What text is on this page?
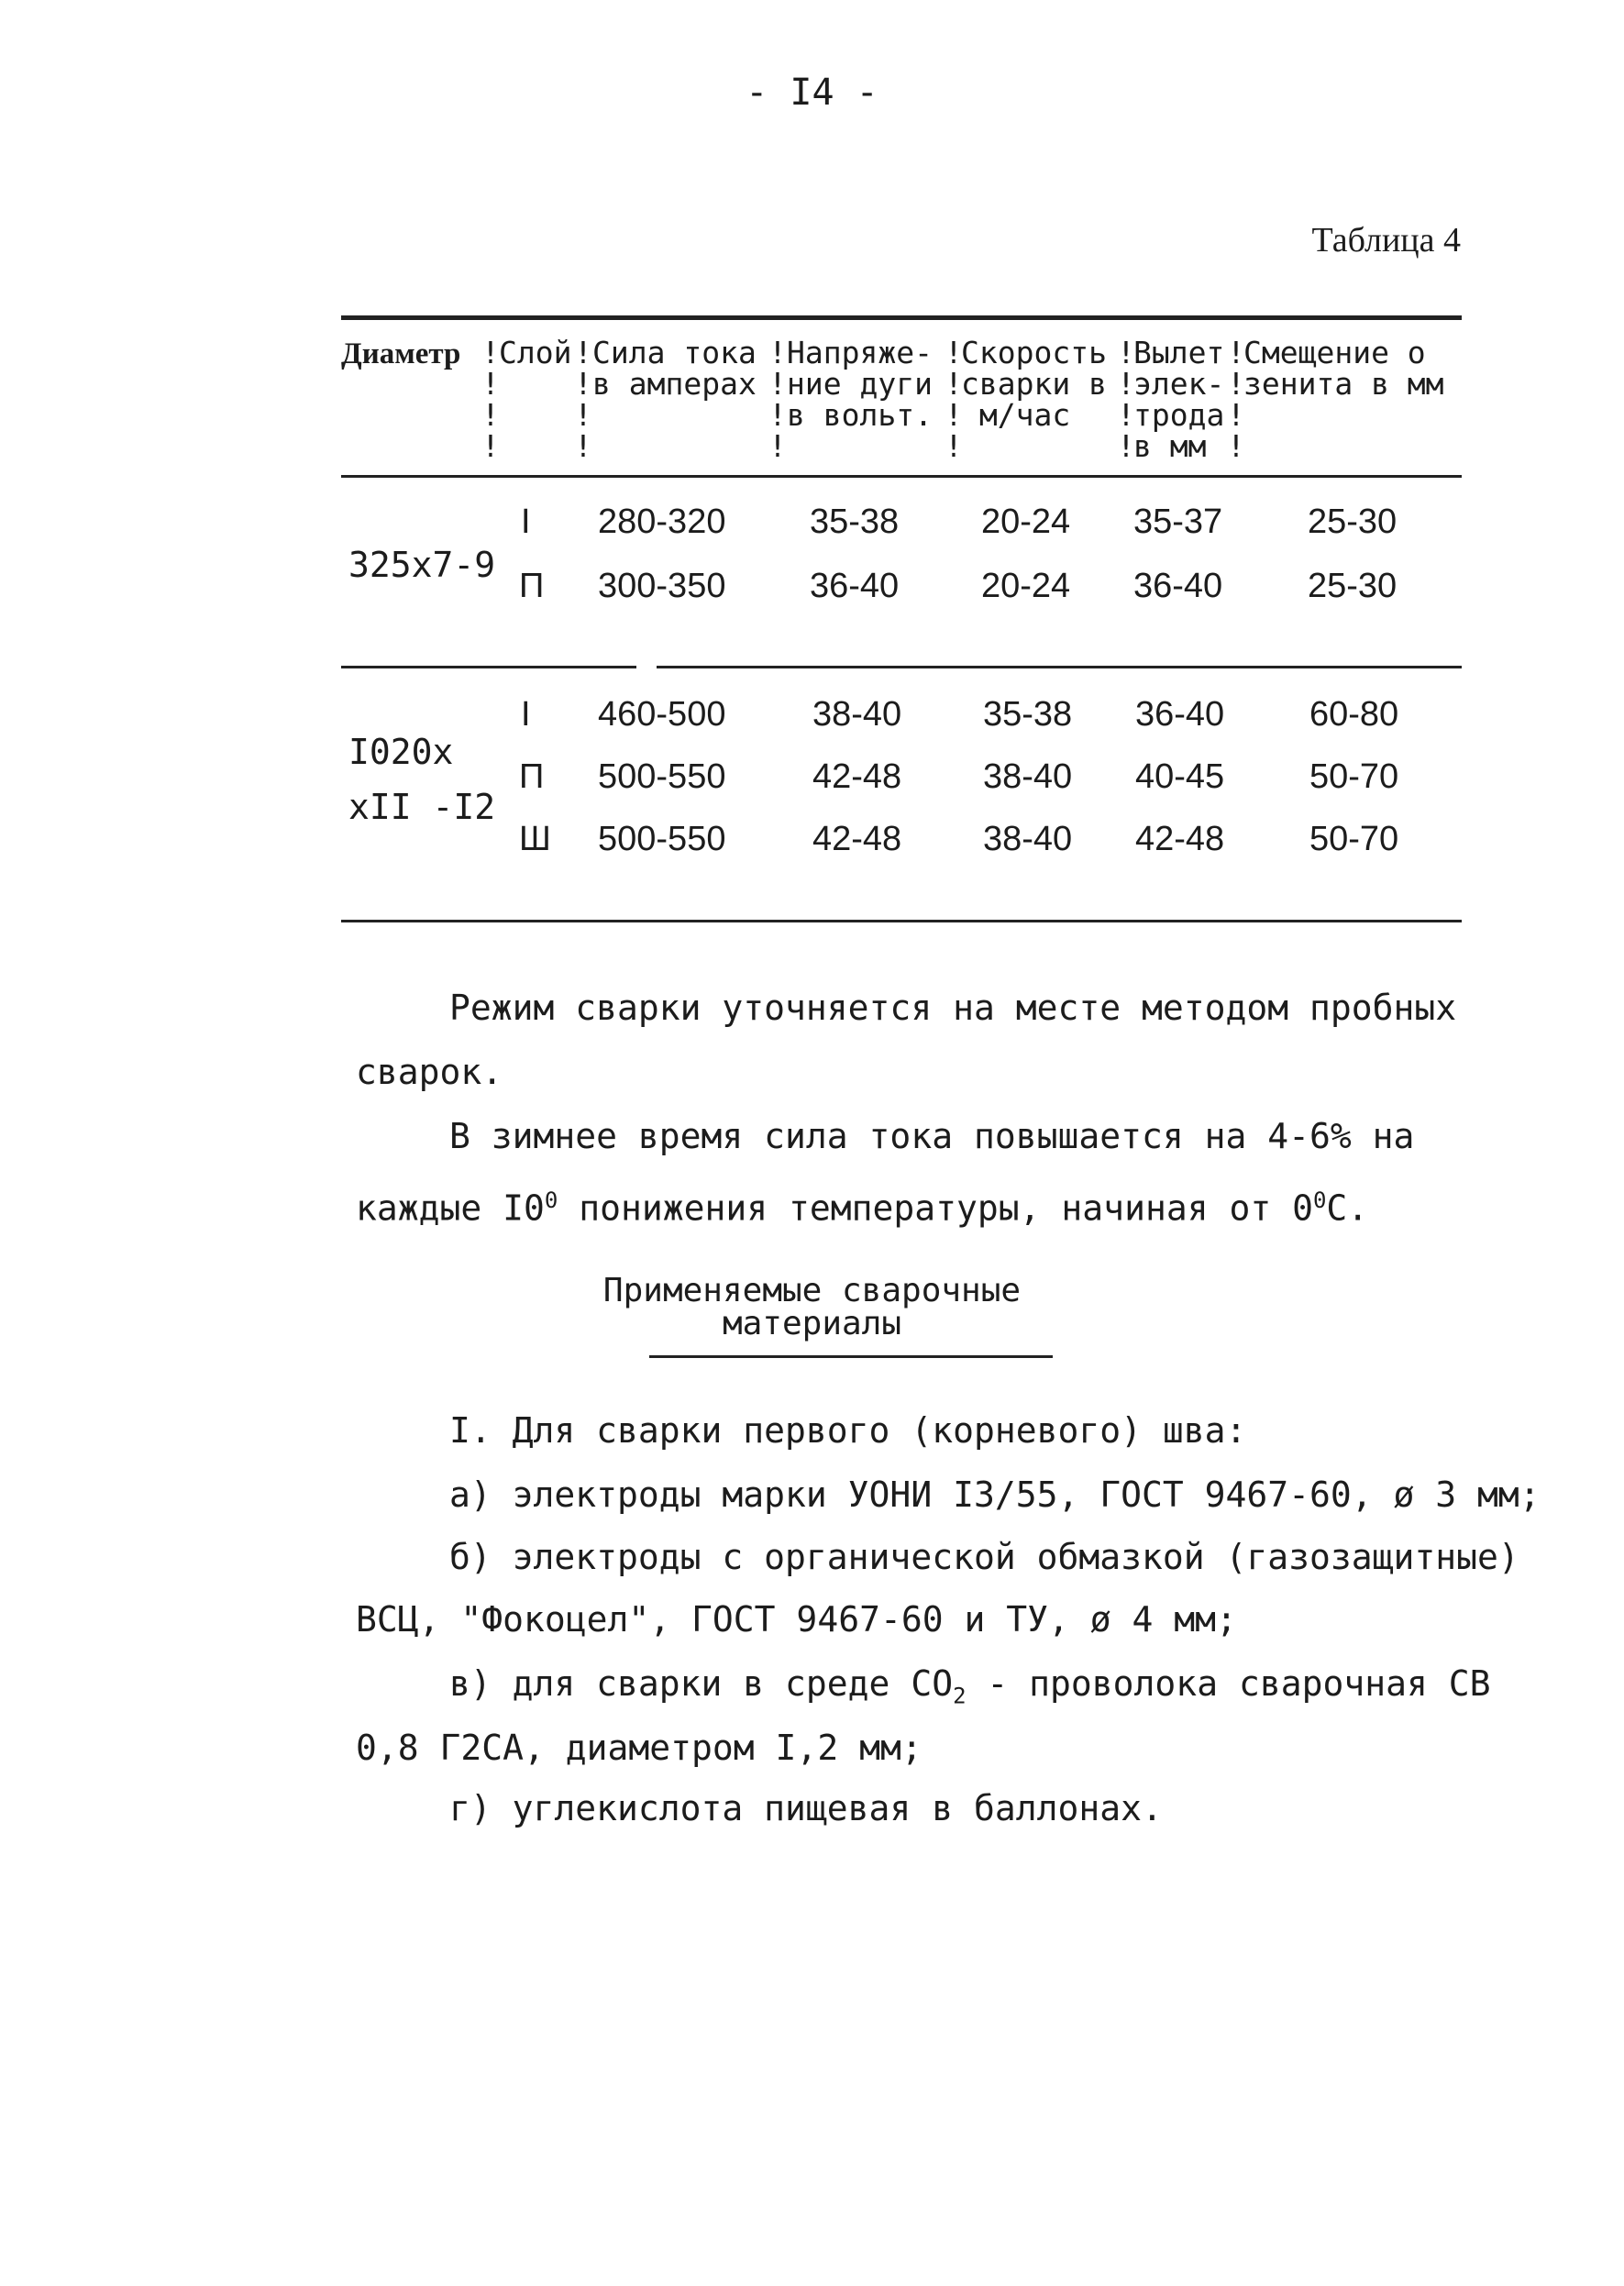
- I4 -
Таблица 4
Диаметр !
!
!
!
Слой !
!
!
!
Сила тока
в амперах
!
!
!
!
Напряже-
ние дуги
в вольт.
!
!
!
!
Скорость
сварки в
м/час
!
!
!
!
Вылет
элек-
трода
в мм
!
!
!
!
Смещение о
зенита в мм
325x7-9
I 280-320 35-38 20-24 35-37 25-30
П 300-350 36-40 20-24 36-40 25-30
I020x
xII -I2
I 460-500 38-40 35-38 36-40 60-80
П 500-550 42-48 38-40 40-45 50-70
Ш 500-550 42-48 38-40 42-48 50-70
Режим сварки уточняется на месте методом пробных сварок.
В зимнее время сила тока повышается на 4-6% на каждые $I0^0$ понижения температуры, начиная от $0^0С$.
Применяемые сварочные
материалы
I. Для сварки первого (корневого) шва:
а) электроды марки УОНИ I3/55, ГОСТ 9467-60, ø 3 мм;
б) электроды с органической обмазкой (газозащитные)
ВСЦ, "Фокоцел", ГОСТ 9467-60 и ТУ, ø 4 мм;
в) для сварки в среде $СО_2$ - проволока сварочная СВ
0,8 Г2СА, диаметром I,2 мм;
г) углекислота пищевая в баллонах.
